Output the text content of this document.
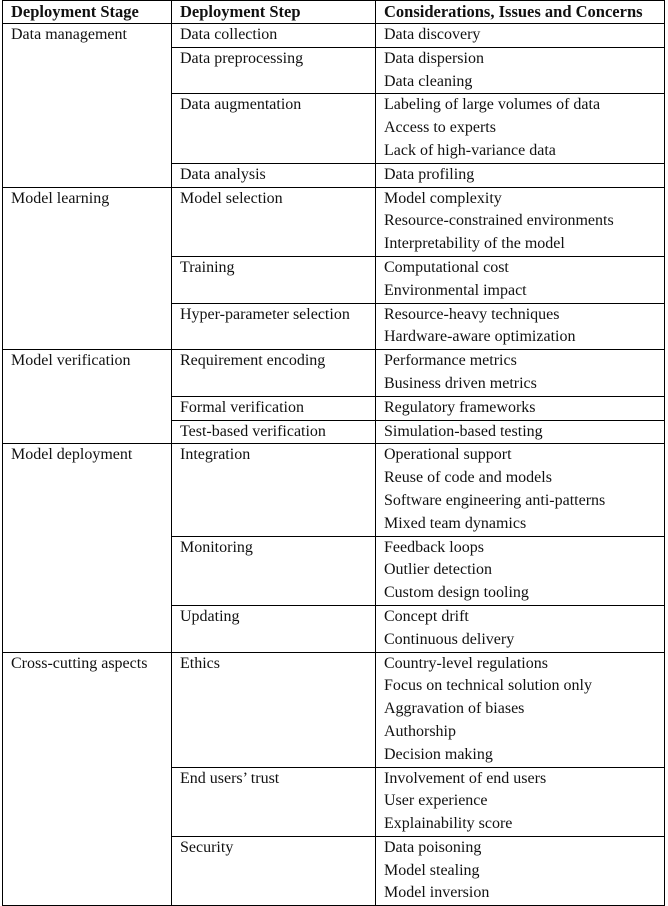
Deployment Stage	Deployment Step	Considerations, Issues and Concerns

Data management	Data collection	Data discovery

	Data preprocessing	Data dispersion
Data cleaning

	Data augmentation	Labeling of large volumes of data
Access to experts
Lack of high-variance data

	Data analysis	Data profiling

Model learning	Model selection	Model complexity
Resource-constrained environments
Interpretability of the model

	Training	Computational cost
Environmental impact

	Hyper-parameter selection	Resource-heavy techniques
Hardware-aware optimization

Model verification	Requirement encoding	Performance metrics
Business driven metrics

	Formal verification	Regulatory frameworks

	Test-based verification	Simulation-based testing

Model deployment	Integration	Operational support
Reuse of code and models
Software engineering anti-patterns
Mixed team dynamics

	Monitoring	Feedback loops
Outlier detection
Custom design tooling

	Updating	Concept drift
Continuous delivery

Cross-cutting aspects	Ethics	Country-level regulations
Focus on technical solution only
Aggravation of biases
Authorship
Decision making

	End users’ trust	Involvement of end users
User experience
Explainability score

	Security	Data poisoning
Model stealing
Model inversion
